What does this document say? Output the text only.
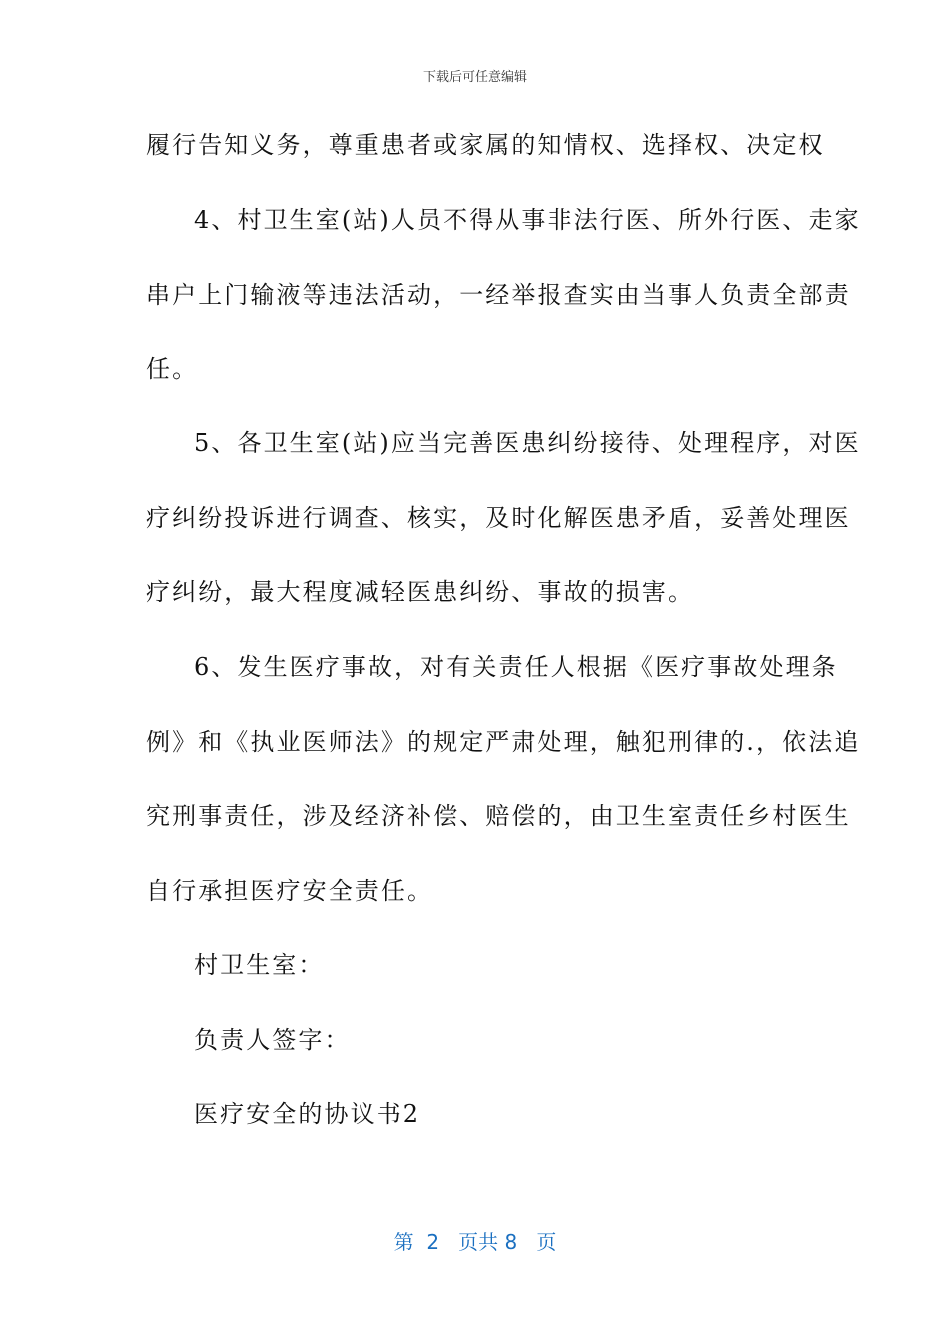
下载后可任意编辑
履行告知义务，尊重患者或家属的知情权、选择权、决定权
4、村卫生室(站)人员不得从事非法行医、所外行医、走家
串户上门输液等违法活动，一经举报查实由当事人负责全部责
任。
5、各卫生室(站)应当完善医患纠纷接待、处理程序，对医
疗纠纷投诉进行调查、核实，及时化解医患矛盾，妥善处理医
疗纠纷，最大程度减轻医患纠纷、事故的损害。
6、发生医疗事故，对有关责任人根据《医疗事故处理条
例》和《执业医师法》的规定严肃处理，触犯刑律的.，依法追
究刑事责任，涉及经济补偿、赔偿的，由卫生室责任乡村医生
自行承担医疗安全责任。
村卫生室：
负责人签字：
医疗安全的协议书2
第  2   页共 8   页
